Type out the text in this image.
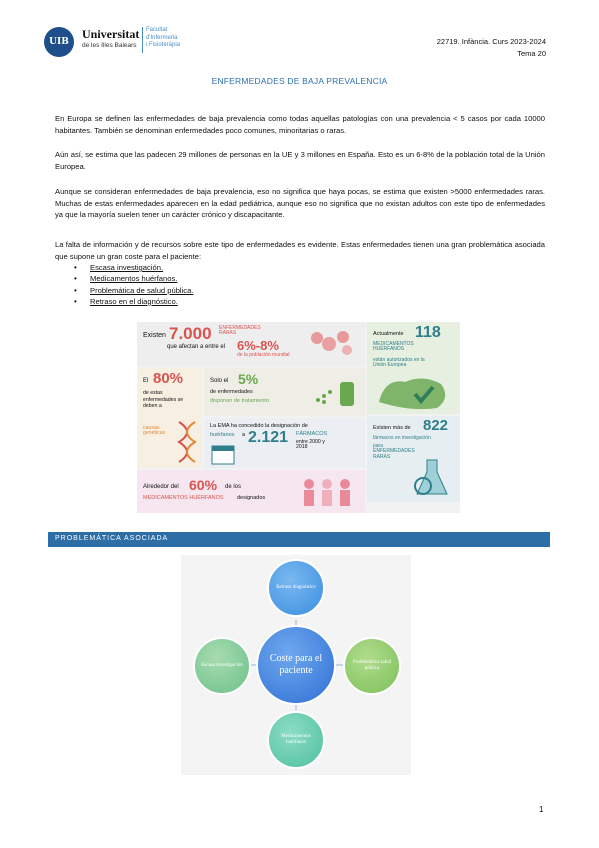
UIB
Universitat
de les Illes Balears
Facultat
d'Infermeria
i Fisioteràpia	22719. Infància. Curs 2023-2024
Tema 20
ENFERMEDADES DE BAJA PREVALENCIA
En Europa se definen las enfermedades de baja prevalencia como todas aquellas patologías con una prevalencia < 5 casos por cada 10000 habitantes. También se denominan enfermedades poco comunes, minoritarias o raras.
Aún así, se estima que las padecen 29 millones de personas en la UE y 3 millones en España. Esto es un 6-8% de la población total de la Unión Europea.
Aunque se consideran enfermedades de baja prevalencia, eso no significa que haya pocas, se estima que existen >5000 enfermedades raras. Muchas de estas enfermedades aparecen en la edad pediátrica, aunque eso no significa que no existan adultos con este tipo de enfermedades ya que la mayoría suelen tener un carácter crónico y discapacitante.
La falta de información y de recursos sobre este tipo de enfermedades es evidente. Estas enfermedades tienen una gran problemática asociada que supone un gran coste para el paciente:
• Escasa investigación.
• Medicamentos huérfanos.
• Problemática de salud pública.
• Retraso en el diagnóstico.
Existen 7.000 ENFERMEDADES RARAS
que afectan a entre el 6%-8%
de la población mundial
Actualmente 118
MEDICAMENTOS HUÉRFANOS
están autorizados en la Unión Europea
El 80%
de estas enfermedades se deben a
causas genéticas
Solo el 5%
de enfermedades
disponen de tratamiento
La EMA ha concedido la designación de
huérfanos a 2.121 FÁRMACOS
entre 2000 y 2018
Existen más de 822
fármacos en investigación
para ENFERMEDADES RARAS
Alrededor del 60% de los
MEDICAMENTOS HUÉRFANOS designados
PROBLEMÁTICA ASOCIADA
Retraso diagnóstico
Escasa investigación
Problemática salud pública
Medicamentos huérfanos
Coste para el paciente
1
